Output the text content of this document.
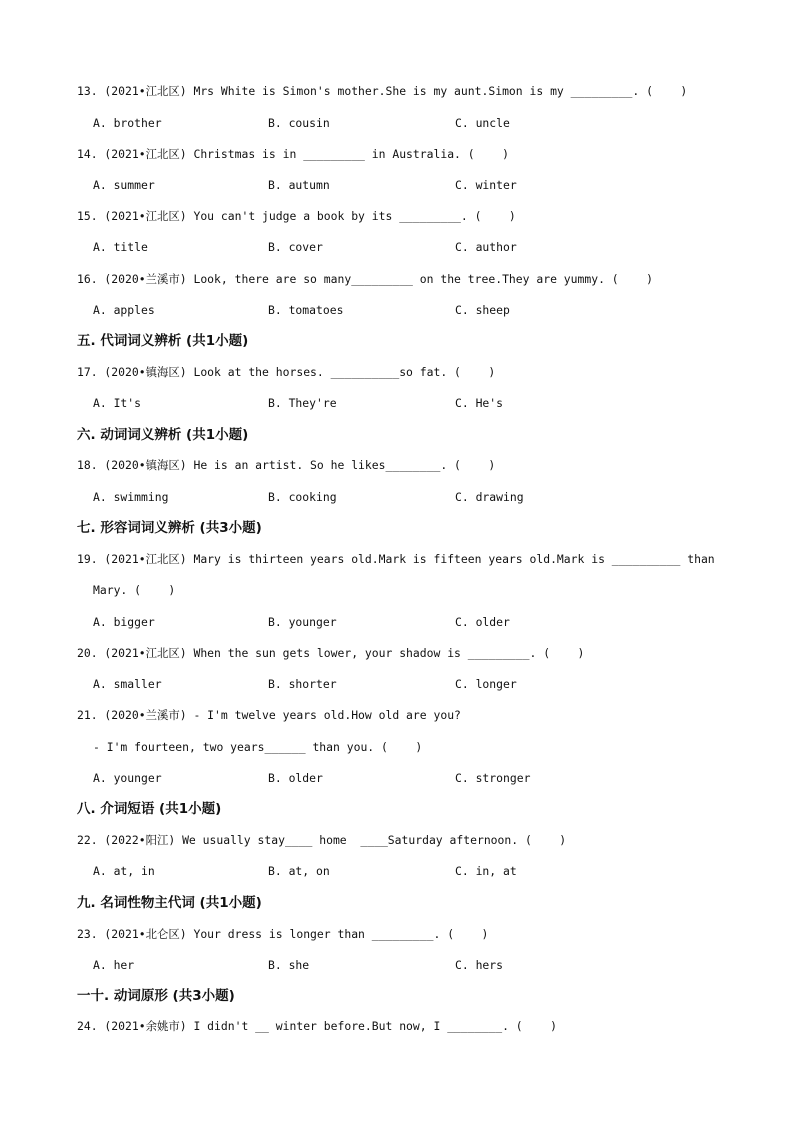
13. (2021•江北区) Mrs White is Simon's mother.She is my aunt.Simon is my _________. (    )
A. brother	B. cousin	C. uncle
14. (2021•江北区) Christmas is in _________ in Australia. (    )
A. summer	B. autumn	C. winter
15. (2021•江北区) You can't judge a book by its _________. (    )
A. title	B. cover	C. author
16. (2020•兰溪市) Look, there are so many_________ on the tree.They are yummy. (    )
A. apples	B. tomatoes	C. sheep
五. 代词词义辨析 (共1小题)
17. (2020•镇海区) Look at the horses. __________so fat. (    )
A. It's	B. They're	C. He's
六. 动词词义辨析 (共1小题)
18. (2020•镇海区) He is an artist. So he likes________. (    )
A. swimming	B. cooking	C. drawing
七. 形容词词义辨析 (共3小题)
19. (2021•江北区) Mary is thirteen years old.Mark is fifteen years old.Mark is __________ than
Mary. (    )
A. bigger	B. younger	C. older
20. (2021•江北区) When the sun gets lower, your shadow is _________. (    )
A. smaller	B. shorter	C. longer
21. (2020•兰溪市) - I'm twelve years old.How old are you?
- I'm fourteen, two years______ than you. (    )
A. younger	B. older	C. stronger
八. 介词短语 (共1小题)
22. (2022•阳江) We usually stay____ home  ____Saturday afternoon. (    )
A. at, in	B. at, on	C. in, at
九. 名词性物主代词 (共1小题)
23. (2021•北仑区) Your dress is longer than _________. (    )
A. her	B. she	C. hers
一十. 动词原形 (共3小题)
24. (2021•余姚市) I didn't __ winter before.But now, I ________. (    )
